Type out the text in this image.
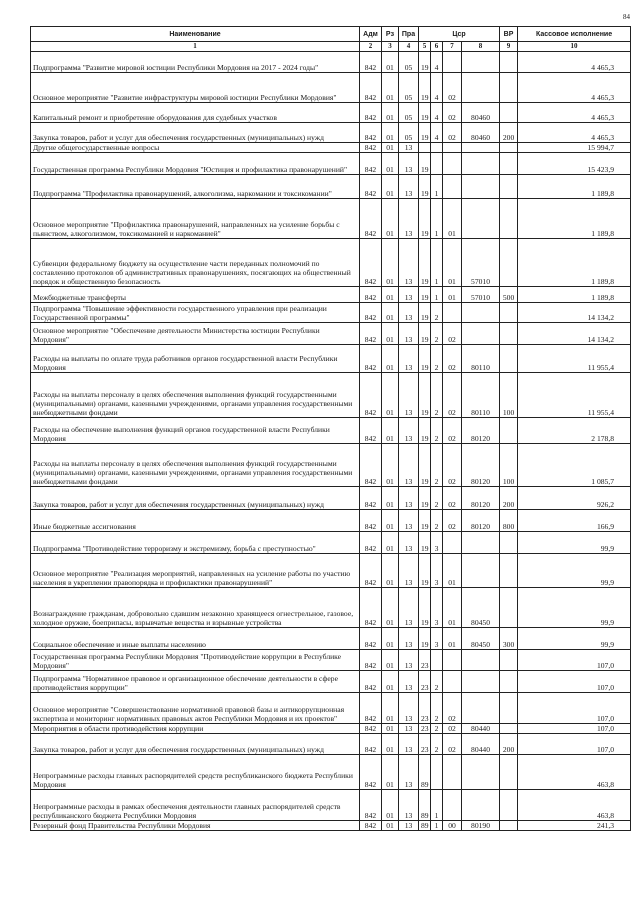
84
Наименование	Адм	Рз	Пра	Цср				ВР	Кассовое исполнение
1	2	3	4	5	6	7	8	9	10
Подпрограмма "Развитие мировой юстиции Республики Мордовия на 2017 - 2024 годы"	842	01	05	19	4				4 465,3
Основное мероприятие "Развитие инфраструктуры мировой юстиции Республики Мордовия"	842	01	05	19	4	02			4 465,3
Капитальный ремонт и приобретение оборудования для судебных участков	842	01	05	19	4	02	80460		4 465,3
Закупка товаров, работ и услуг для обеспечения государственных (муниципальных) нужд	842	01	05	19	4	02	80460	200	4 465,3
Другие общегосударственные вопросы	842	01	13						15 994,7
Государственная программа Республики Мордовия "Юстиция и профилактика правонарушений"	842	01	13	19					15 423,9
Подпрограмма "Профилактика правонарушений, алкоголизма, наркомании и токсикомании"	842	01	13	19	1				1 189,8
Основное мероприятие "Профилактика правонарушений, направленных на усиление борьбы с пьянством, алкоголизмом, токсикоманией и наркоманией"	842	01	13	19	1	01			1 189,8
Субвенции федеральному бюджету на осуществление части переданных полномочий по составлению протоколов об административных правонарушениях, посягающих на общественный порядок и общественную безопасность	842	01	13	19	1	01	57010		1 189,8
Межбюджетные трансферты	842	01	13	19	1	01	57010	500	1 189,8
Подпрограмма "Повышение эффективности государственного управления при реализации Государственной программы"	842	01	13	19	2				14 134,2
Основное мероприятие "Обеспечение деятельности Министерства юстиции Республики Мордовия"	842	01	13	19	2	02			14 134,2
Расходы на выплаты по оплате труда работников органов государственной власти Республики Мордовия	842	01	13	19	2	02	80110		11 955,4
Расходы на выплаты персоналу в целях обеспечения выполнения функций государственными (муниципальными) органами, казенными учреждениями, органами управления государственными внебюджетными фондами	842	01	13	19	2	02	80110	100	11 955,4
Расходы на обеспечение выполнения функций органов государственной власти Республики Мордовия	842	01	13	19	2	02	80120		2 178,8
Расходы на выплаты персоналу в целях обеспечения выполнения функций государственными (муниципальными) органами, казенными учреждениями, органами управления государственными внебюджетными фондами	842	01	13	19	2	02	80120	100	1 085,7
Закупка товаров, работ и услуг для обеспечения государственных (муниципальных) нужд	842	01	13	19	2	02	80120	200	926,2
Иные бюджетные ассигнования	842	01	13	19	2	02	80120	800	166,9
Подпрограмма "Противодействие терроризму и экстремизму, борьба с преступностью"	842	01	13	19	3				99,9
Основное мероприятие "Реализация мероприятий, направленных на усиление работы по участию населения в укреплении правопорядка и профилактики правонарушений"	842	01	13	19	3	01			99,9
Вознаграждение гражданам, добровольно сдавшим незаконно хранящееся огнестрельное, газовое, холодное оружие, боеприпасы, взрывчатые вещества и взрывные устройства	842	01	13	19	3	01	80450		99,9
Социальное обеспечение и иные выплаты населению	842	01	13	19	3	01	80450	300	99,9
Государственная программа Республики Мордовия "Противодействие коррупции в Республике Мордовия"	842	01	13	23					107,0
Подпрограмма "Нормативное правовое и организационное обеспечение деятельности в сфере противодействия коррупции"	842	01	13	23	2				107,0
Основное мероприятие "Совершенствование нормативной правовой базы и антикоррупционная экспертиза и мониторинг нормативных правовых актов Республики Мордовия и их проектов"	842	01	13	23	2	02			107,0
Мероприятия в области противодействия коррупции	842	01	13	23	2	02	80440		107,0
Закупка товаров, работ и услуг для обеспечения государственных (муниципальных) нужд	842	01	13	23	2	02	80440	200	107,0
Непрограммные расходы главных распорядителей средств республиканского бюджета Республики Мордовия	842	01	13	89					463,8
Непрограммные расходы в рамках обеспечения деятельности главных распорядителей средств республиканского бюджета Республики Мордовия	842	01	13	89	1				463,8
Резервный фонд Правительства Республики Мордовия	842	01	13	89	1	00	80190		241,3
